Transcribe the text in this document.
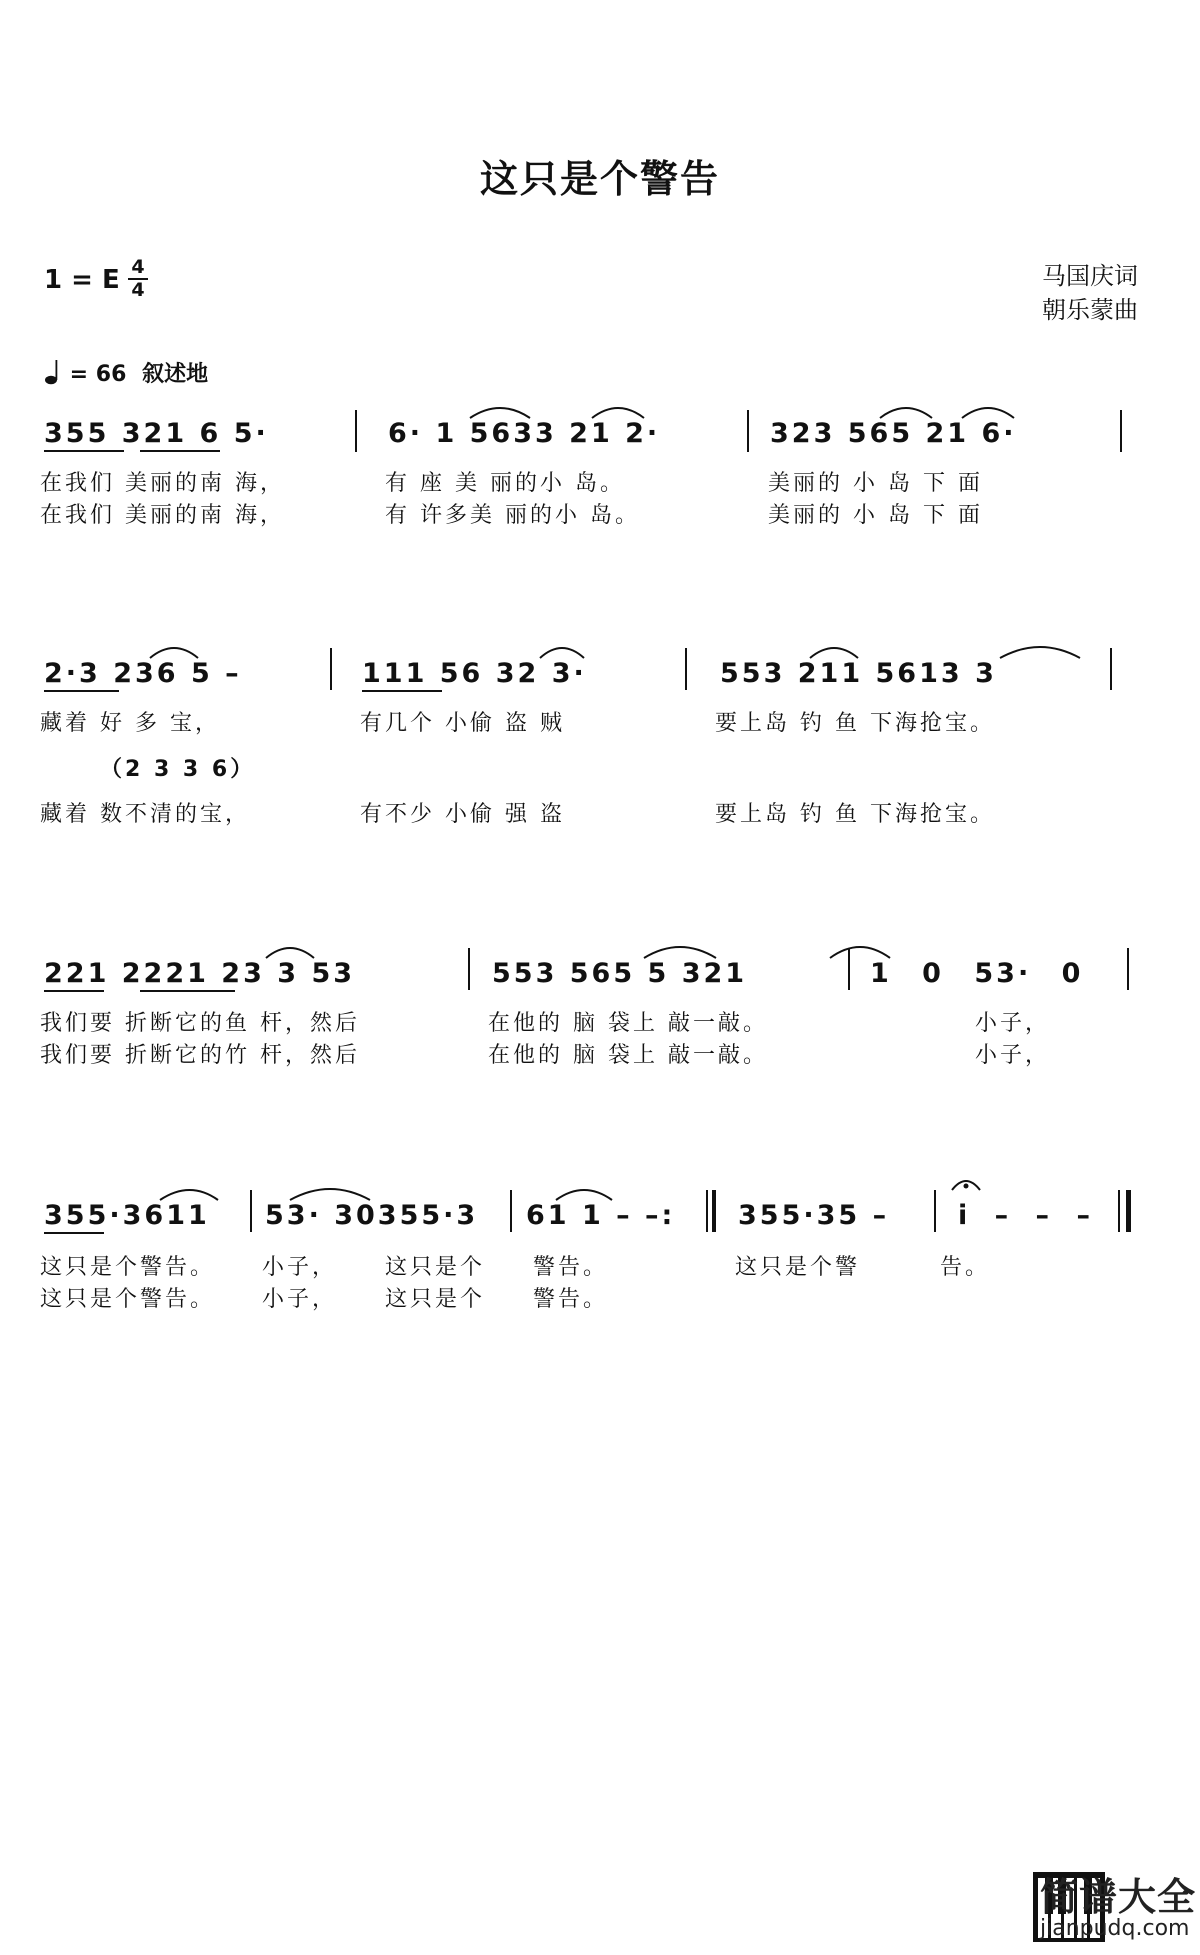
这只是个警告
1 = E 4
4	马国庆词
朝乐蒙曲
= 66 叙述地
355 321 6 5·	6· 1 5633 21 2·	323 565 21 6·
在我们 美丽的南 海，	有 座 美 丽的小 岛。	美丽的 小 岛 下 面
在我们 美丽的南 海，	有 许多美 丽的小 岛。	美丽的 小 岛 下 面
2·3 236 5 –	111 56 32 3·	553 211 5613 3
藏着 好 多 宝，	有几个 小偷 盗 贼	要上岛 钓 鱼 下海抢宝。
（2 3 3 6）
藏着 数不清的宝，	有不少 小偷 强 盗	要上岛 钓 鱼 下海抢宝。
221 2221 23 3 53	553 565 5 321	1 0 53· 0
我们要 折断它的鱼 杆，然后	在他的 脑 袋上 敲一敲。	小子，
我们要 折断它的竹 杆，然后	在他的 脑 袋上 敲一敲。	小子，
355·3611 53· 30355·3 61 1 – –: 355·35 –	i – – –
这只是个警告。 小子， 这只是个 警告。	这只是个警 告。
这只是个警告。 小子， 这只是个 警告。
简谱大全
jianpudq.com
